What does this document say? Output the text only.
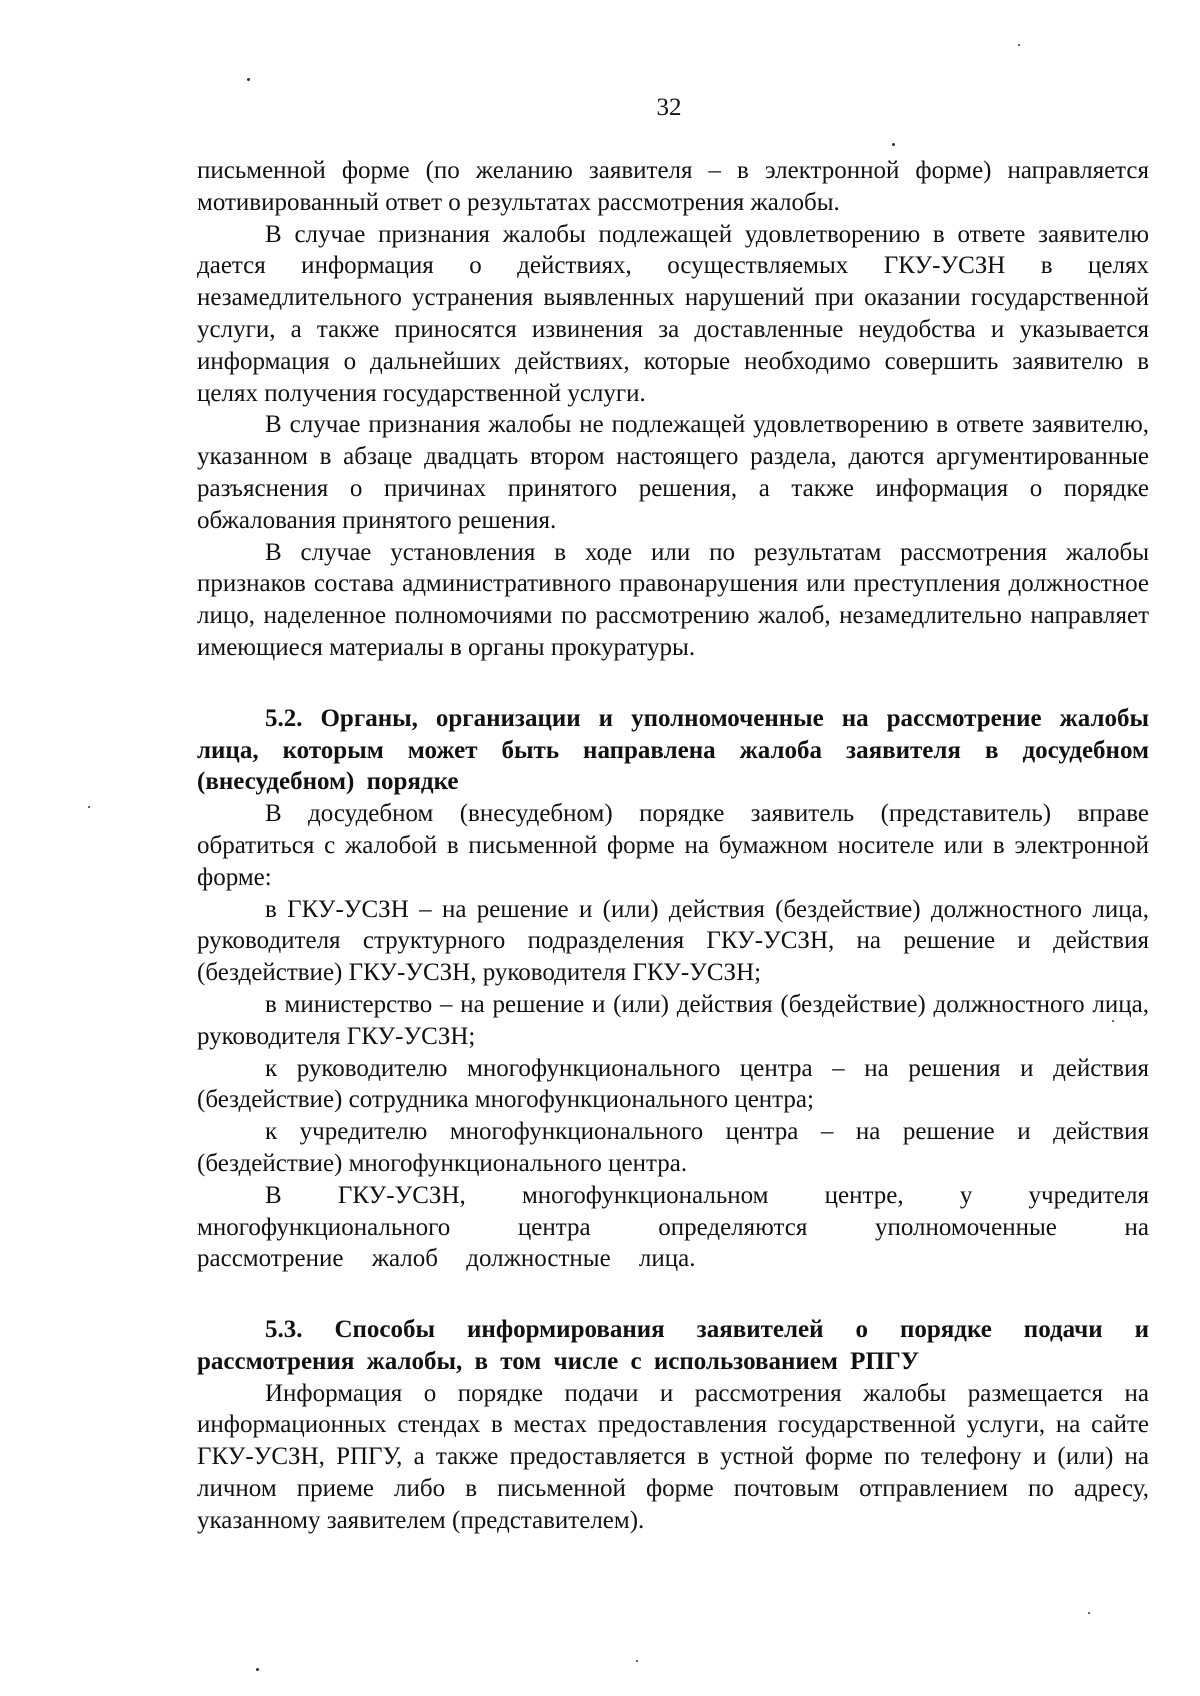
32

письменной форме (по желанию заявителя – в электронной форме) направляется мотивированный ответ о результатах рассмотрения жалобы.

В случае признания жалобы подлежащей удовлетворению в ответе заявителю дается информация о действиях, осуществляемых ГКУ-УСЗН в целях незамедлительного устранения выявленных нарушений при оказании государственной услуги, а также приносятся извинения за доставленные неудобства и указывается информация о дальнейших действиях, которые необходимо совершить заявителю в целях получения государственной услуги.

В случае признания жалобы не подлежащей удовлетворению в ответе заявителю, указанном в абзаце двадцать втором настоящего раздела, даются аргументированные разъяснения о причинах принятого решения, а также информация о порядке обжалования принятого решения.

В случае установления в ходе или по результатам рассмотрения жалобы признаков состава административного правонарушения или преступления должностное лицо, наделенное полномочиями по рассмотрению жалоб, незамедлительно направляет имеющиеся материалы в органы прокуратуры.

5.2. Органы, организации и уполномоченные на рассмотрение жалобы лица, которым может быть направлена жалоба заявителя в досудебном (внесудебном) порядке

В досудебном (внесудебном) порядке заявитель (представитель) вправе обратиться с жалобой в письменной форме на бумажном носителе или в электронной форме:

в ГКУ-УСЗН – на решение и (или) действия (бездействие) должностного лица, руководителя структурного подразделения ГКУ-УСЗН, на решение и действия (бездействие) ГКУ-УСЗН, руководителя ГКУ-УСЗН;

в министерство – на решение и (или) действия (бездействие) должностного лица, руководителя ГКУ-УСЗН;

к руководителю многофункционального центра – на решения и действия (бездействие) сотрудника многофункционального центра;

к учредителю многофункционального центра – на решение и действия (бездействие) многофункционального центра.

В ГКУ-УСЗН, многофункциональном центре, у учредителя многофункционального центра определяются уполномоченные на рассмотрение жалоб должностные лица.

5.3. Способы информирования заявителей о порядке подачи и рассмотрения жалобы, в том числе с использованием РПГУ

Информация о порядке подачи и рассмотрения жалобы размещается на информационных стендах в местах предоставления государственной услуги, на сайте ГКУ-УСЗН, РПГУ, а также предоставляется в устной форме по телефону и (или) на личном приеме либо в письменной форме почтовым отправлением по адресу, указанному заявителем (представителем).
